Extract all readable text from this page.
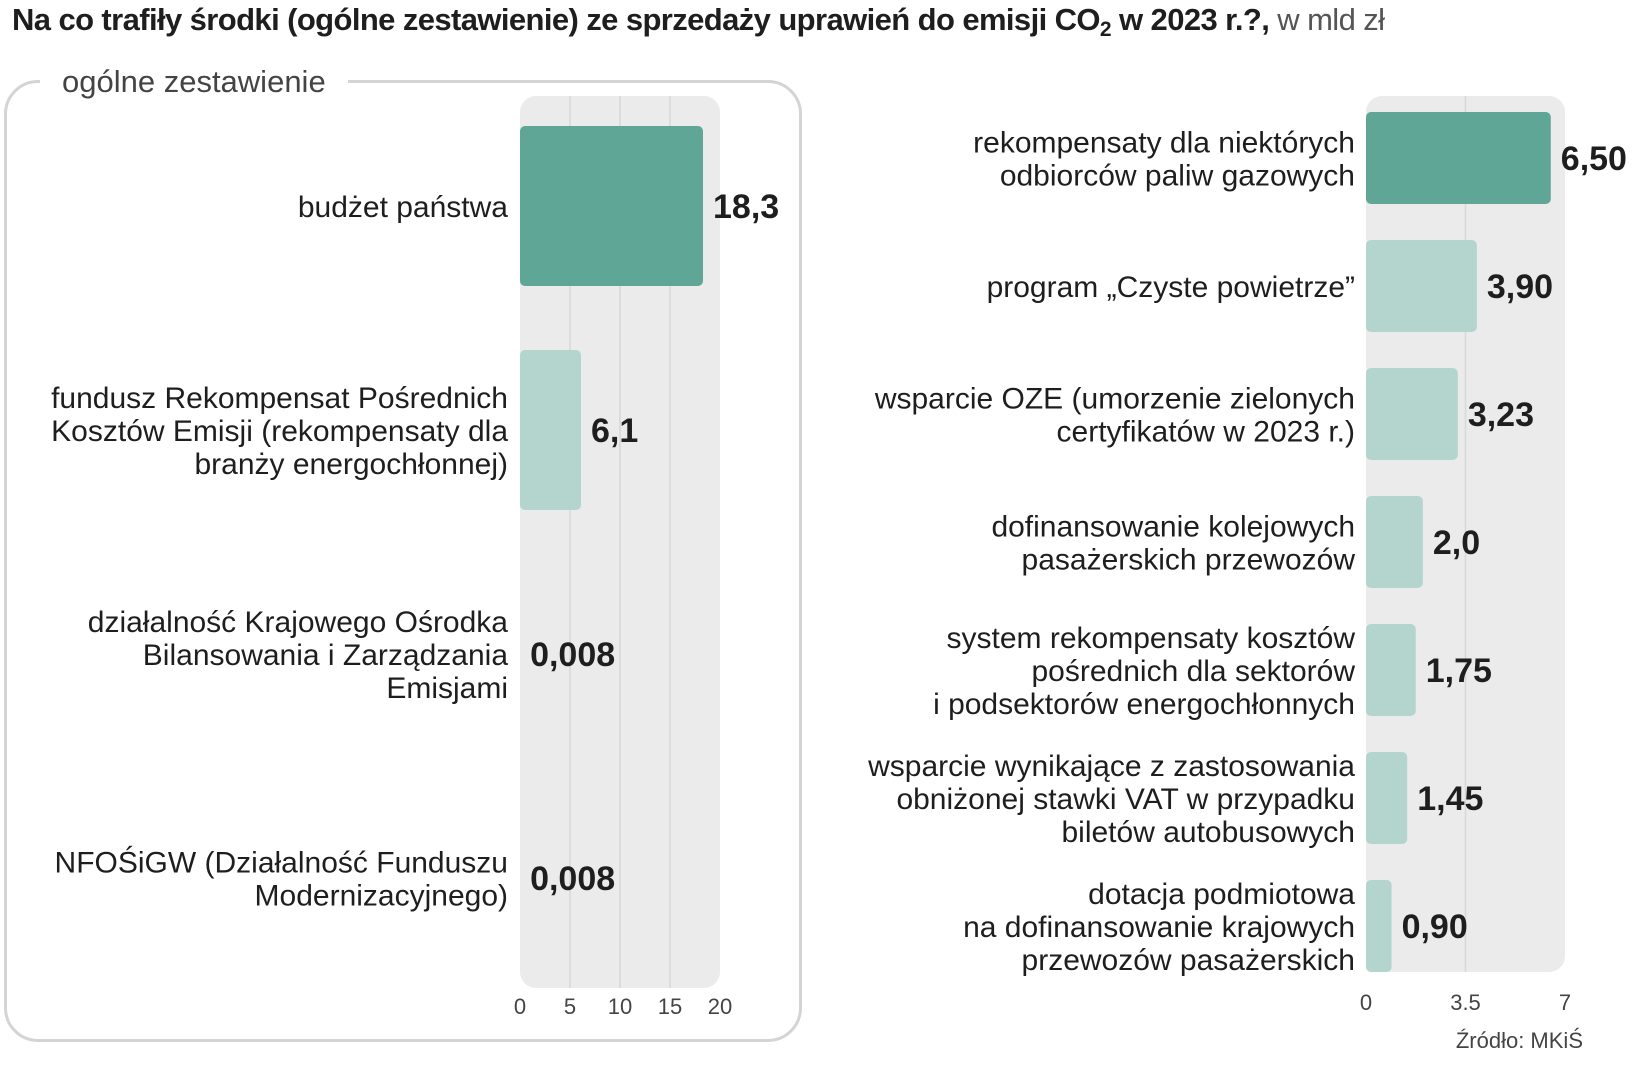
Na co trafiły środki (ogólne zestawienie) ze sprzedaży uprawień do emisji $CO_2$ w 2023 r.?, w mld zł
ogólne zestawienie
0 5 10 15 20
18,3
budżet państwa
6,1
fundusz Rekompensat Pośrednich Kosztów Emisji (rekompensaty dla branży energochłonnej)
0,008
działalność Krajowego Ośrodka Bilansowania i Zarządzania Emisjami
0,008
NFOŚiGW (Działalność Funduszu Modernizacyjnego)
0	3.5	7
6,50
rekompensaty dla niektórych odbiorców paliw gazowych
3,90
program „Czyste powietrze”
3,23
wsparcie OZE (umorzenie zielonych certyfikatów w 2023 r.)
2,0
dofinansowanie kolejowych pasażerskich przewozów
1,75
system rekompensaty kosztów pośrednich dla sektorów i podsektorów energochłonnych
1,45
wsparcie wynikające z zastosowania obniżonej stawki VAT w przypadku biletów autobusowych
0,90
dotacja podmiotowa na dofinansowanie krajowych przewozów pasażerskich
Źródło: MKiŚ
